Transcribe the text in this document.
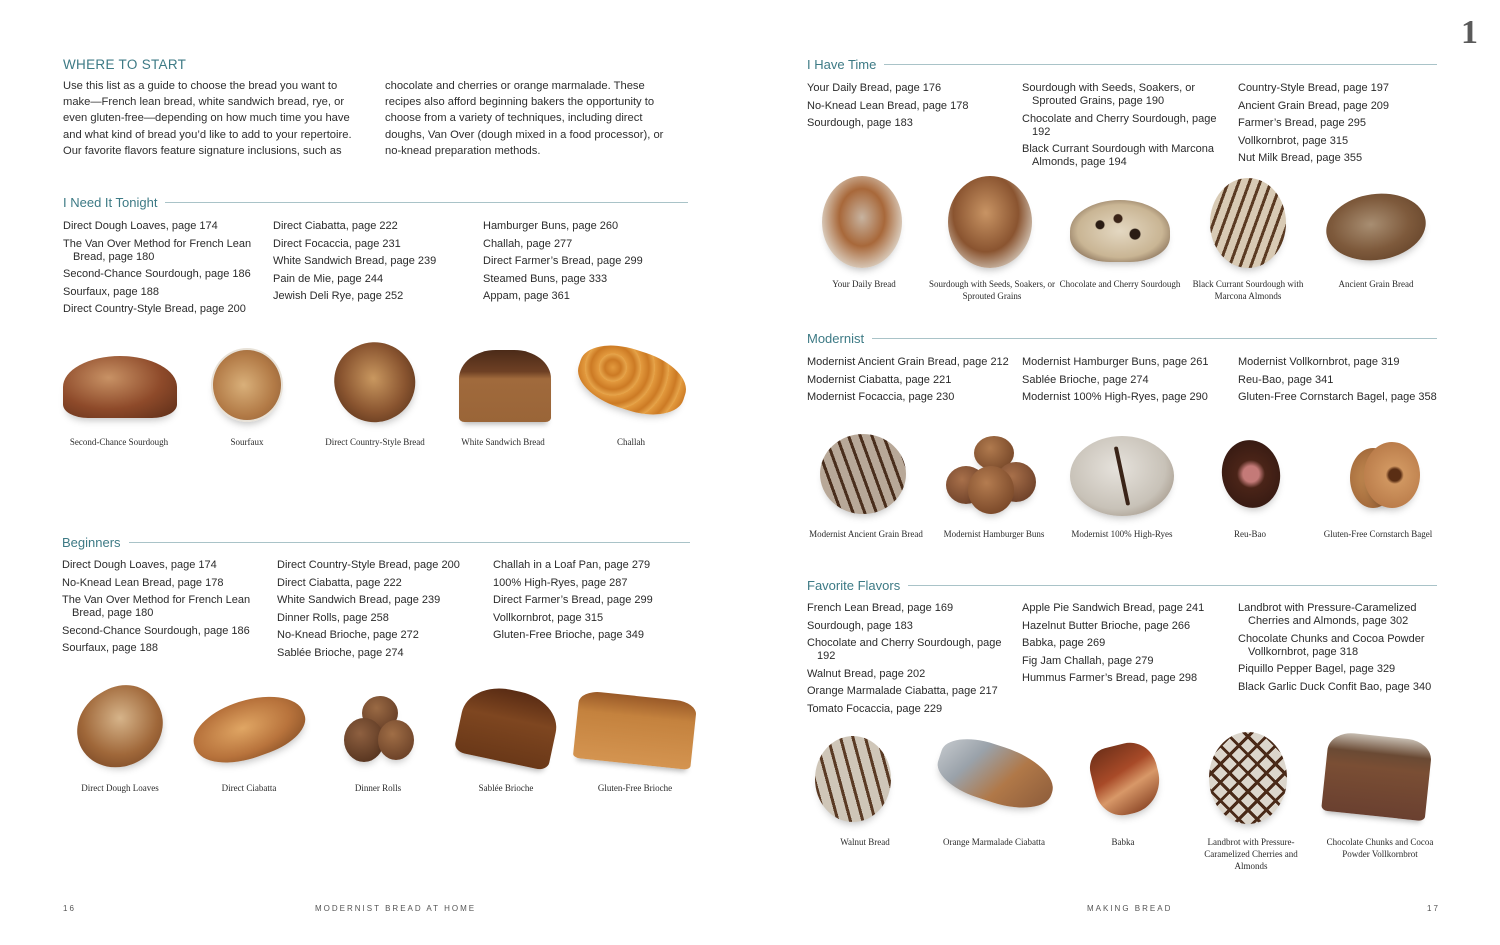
WHERE TO START
Use this list as a guide to choose the bread you want to make—French lean bread, white sandwich bread, rye, or even gluten-free—depending on how much time you have and what kind of bread you’d like to add to your repertoire. Our favorite flavors feature signature inclusions, such as
chocolate and cherries or orange marmalade. These recipes also afford beginning bakers the opportunity to choose from a variety of techniques, including direct doughs, Van Over (dough mixed in a food processor), or no-knead preparation methods.
I Need It Tonight
Direct Dough Loaves, page 174
The Van Over Method for French Lean Bread, page 180
Second-Chance Sourdough, page 186
Sourfaux, page 188
Direct Country-Style Bread, page 200
Direct Ciabatta, page 222
Direct Focaccia, page 231
White Sandwich Bread, page 239
Pain de Mie, page 244
Jewish Deli Rye, page 252
Hamburger Buns, page 260
Challah, page 277
Direct Farmer’s Bread, page 299
Steamed Buns, page 333
Appam, page 361
Second-Chance Sourdough	Sourfaux	Direct Country-Style Bread	White Sandwich Bread	Challah
Beginners
Direct Dough Loaves, page 174
No-Knead Lean Bread, page 178
The Van Over Method for French Lean Bread, page 180
Second-Chance Sourdough, page 186
Sourfaux, page 188
Direct Country-Style Bread, page 200
Direct Ciabatta, page 222
White Sandwich Bread, page 239
Dinner Rolls, page 258
No-Knead Brioche, page 272
Sablée Brioche, page 274
Challah in a Loaf Pan, page 279
100% High-Ryes, page 287
Direct Farmer’s Bread, page 299
Vollkornbrot, page 315
Gluten-Free Brioche, page 349
Direct Dough Loaves	Direct Ciabatta	Dinner Rolls	Sablée Brioche	Gluten-Free Brioche
16	MODERNIST BREAD AT HOME
1
I Have Time
Your Daily Bread, page 176
No-Knead Lean Bread, page 178
Sourdough, page 183
Sourdough with Seeds, Soakers, or Sprouted Grains, page 190
Chocolate and Cherry Sourdough, page 192
Black Currant Sourdough with Marcona Almonds, page 194
Country-Style Bread, page 197
Ancient Grain Bread, page 209
Farmer’s Bread, page 295
Vollkornbrot, page 315
Nut Milk Bread, page 355
Your Daily Bread	Sourdough with Seeds, Soakers, or Sprouted Grains
Chocolate and Cherry Sourdough	Black Currant Sourdough with Marcona Almonds
Ancient Grain Bread
Modernist
Modernist Ancient Grain Bread, page 212
Modernist Ciabatta, page 221
Modernist Focaccia, page 230
Modernist Hamburger Buns, page 261
Sablée Brioche, page 274
Modernist 100% High-Ryes, page 290
Modernist Vollkornbrot, page 319
Reu-Bao, page 341
Gluten-Free Cornstarch Bagel, page 358
Modernist Ancient Grain Bread Modernist Hamburger Buns	Modernist 100% High-Ryes	Reu-Bao	Gluten-Free Cornstarch Bagel
Favorite Flavors
French Lean Bread, page 169
Sourdough, page 183
Chocolate and Cherry Sourdough, page 192
Walnut Bread, page 202
Orange Marmalade Ciabatta, page 217
Tomato Focaccia, page 229
Apple Pie Sandwich Bread, page 241
Hazelnut Butter Brioche, page 266
Babka, page 269
Fig Jam Challah, page 279
Hummus Farmer’s Bread, page 298
Landbrot with Pressure-Caramelized Cherries and Almonds, page 302
Chocolate Chunks and Cocoa Powder Vollkornbrot, page 318
Piquillo Pepper Bagel, page 329
Black Garlic Duck Confit Bao, page 340
Walnut Bread	Orange Marmalade Ciabatta	Babka	Landbrot with Pressure-Caramelized Cherries and Almonds
Chocolate Chunks and Cocoa Powder Vollkornbrot
MAKING BREAD	17
